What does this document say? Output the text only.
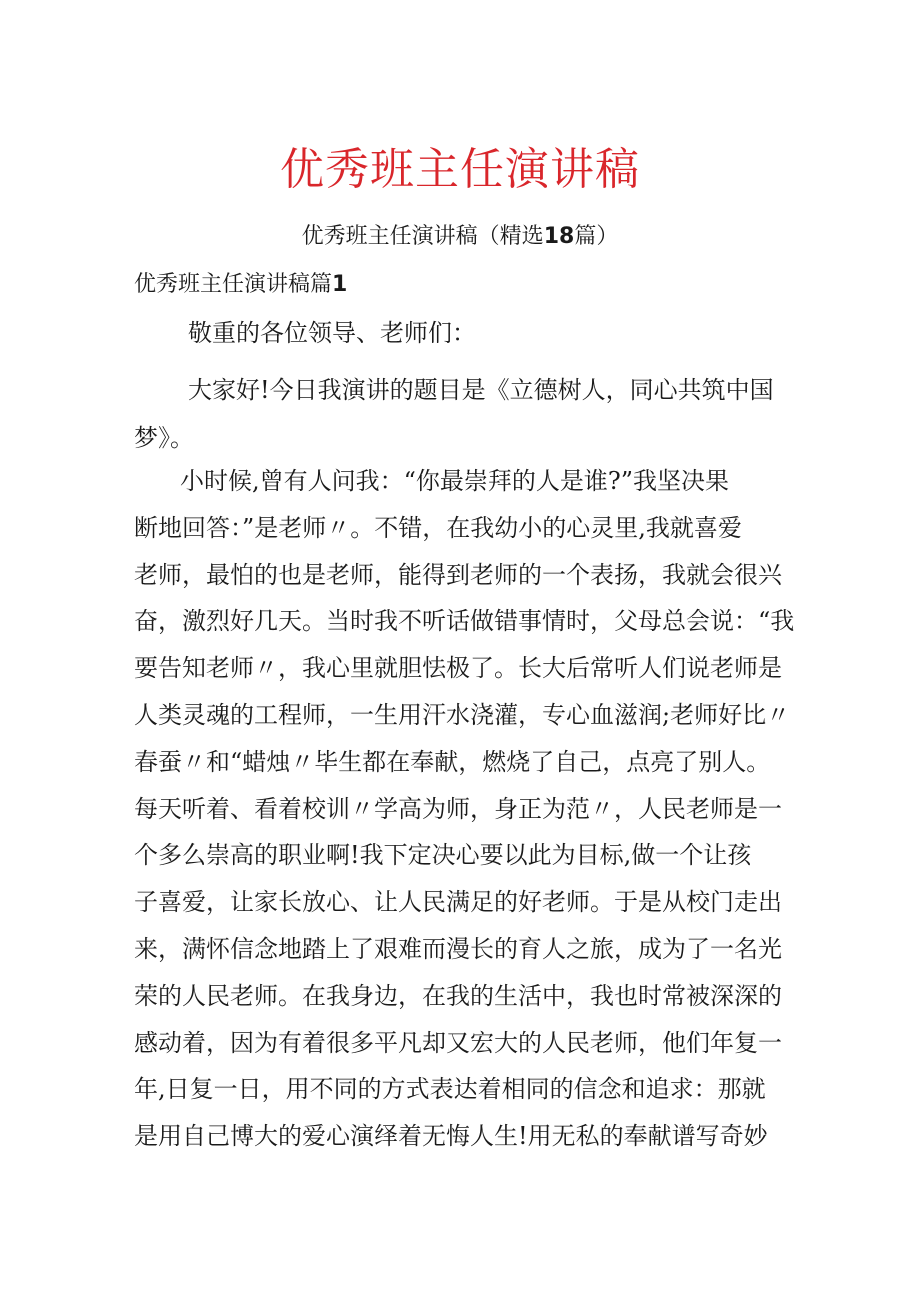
优秀班主任演讲稿
优秀班主任演讲稿（精选18篇）
优秀班主任演讲稿篇1
敬重的各位领导、老师们：
大家好!今日我演讲的题目是《立德树人，同心共筑中国
梦》。
小时候,曾有人问我：“你最崇拜的人是谁?”我坚决果
断地回答：”是老师〃。不错，在我幼小的心灵里,我就喜爱
老师，最怕的也是老师，能得到老师的一个表扬，我就会很兴
奋，激烈好几天。当时我不听话做错事情时，父母总会说：“我
要告知老师〃，我心里就胆怯极了。长大后常听人们说老师是
人类灵魂的工程师，一生用汗水浇灌，专心血滋润;老师好比〃
春蚕〃和“蜡烛〃毕生都在奉献，燃烧了自己，点亮了别人。
每天听着、看着校训〃学高为师，身正为范〃，人民老师是一
个多么崇高的职业啊!我下定决心要以此为目标,做一个让孩
子喜爱，让家长放心、让人民满足的好老师。于是从校门走出
来，满怀信念地踏上了艰难而漫长的育人之旅，成为了一名光
荣的人民老师。在我身边，在我的生活中，我也时常被深深的
感动着，因为有着很多平凡却又宏大的人民老师，他们年复一
年,日复一日，用不同的方式表达着相同的信念和追求：那就
是用自己博大的爱心演绎着无悔人生!用无私的奉献谱写奇妙
